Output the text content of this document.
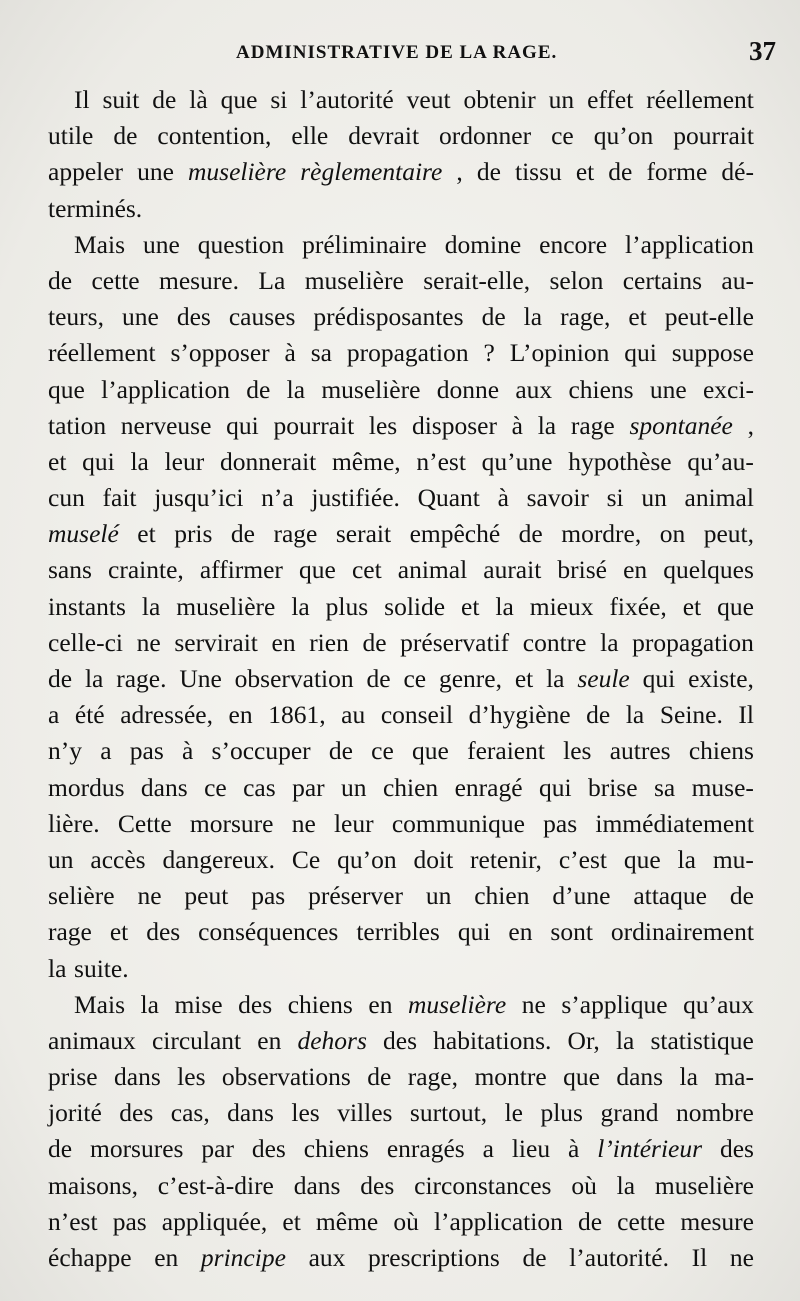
ADMINISTRATIVE DE LA RAGE.	37
Il suit de là que si l’autorité veut obtenir un effet réellement
utile de contention, elle devrait ordonner ce qu’on pourrait
appeler une muselière règlementaire , de tissu et de forme dé-
terminés.
Mais une question préliminaire domine encore l’application
de cette mesure. La muselière serait-elle, selon certains au-
teurs, une des causes prédisposantes de la rage, et peut-elle
réellement s’opposer à sa propagation ? L’opinion qui suppose
que l’application de la muselière donne aux chiens une exci-
tation nerveuse qui pourrait les disposer à la rage spontanée ,
et qui la leur donnerait même, n’est qu’une hypothèse qu’au-
cun fait jusqu’ici n’a justifiée. Quant à savoir si un animal
muselé et pris de rage serait empêché de mordre, on peut,
sans crainte, affirmer que cet animal aurait brisé en quelques
instants la muselière la plus solide et la mieux fixée, et que
celle-ci ne servirait en rien de préservatif contre la propagation
de la rage. Une observation de ce genre, et la seule qui existe,
a été adressée, en 1861, au conseil d’hygiène de la Seine. Il
n’y a pas à s’occuper de ce que feraient les autres chiens
mordus dans ce cas par un chien enragé qui brise sa muse-
lière. Cette morsure ne leur communique pas immédiatement
un accès dangereux. Ce qu’on doit retenir, c’est que la mu-
selière ne peut pas préserver un chien d’une attaque de
rage et des conséquences terribles qui en sont ordinairement
la suite.
Mais la mise des chiens en muselière ne s’applique qu’aux
animaux circulant en dehors des habitations. Or, la statistique
prise dans les observations de rage, montre que dans la ma-
jorité des cas, dans les villes surtout, le plus grand nombre
de morsures par des chiens enragés a lieu à l’intérieur des
maisons, c’est-à-dire dans des circonstances où la muselière
n’est pas appliquée, et même où l’application de cette mesure
échappe en principe aux prescriptions de l’autorité. Il ne
